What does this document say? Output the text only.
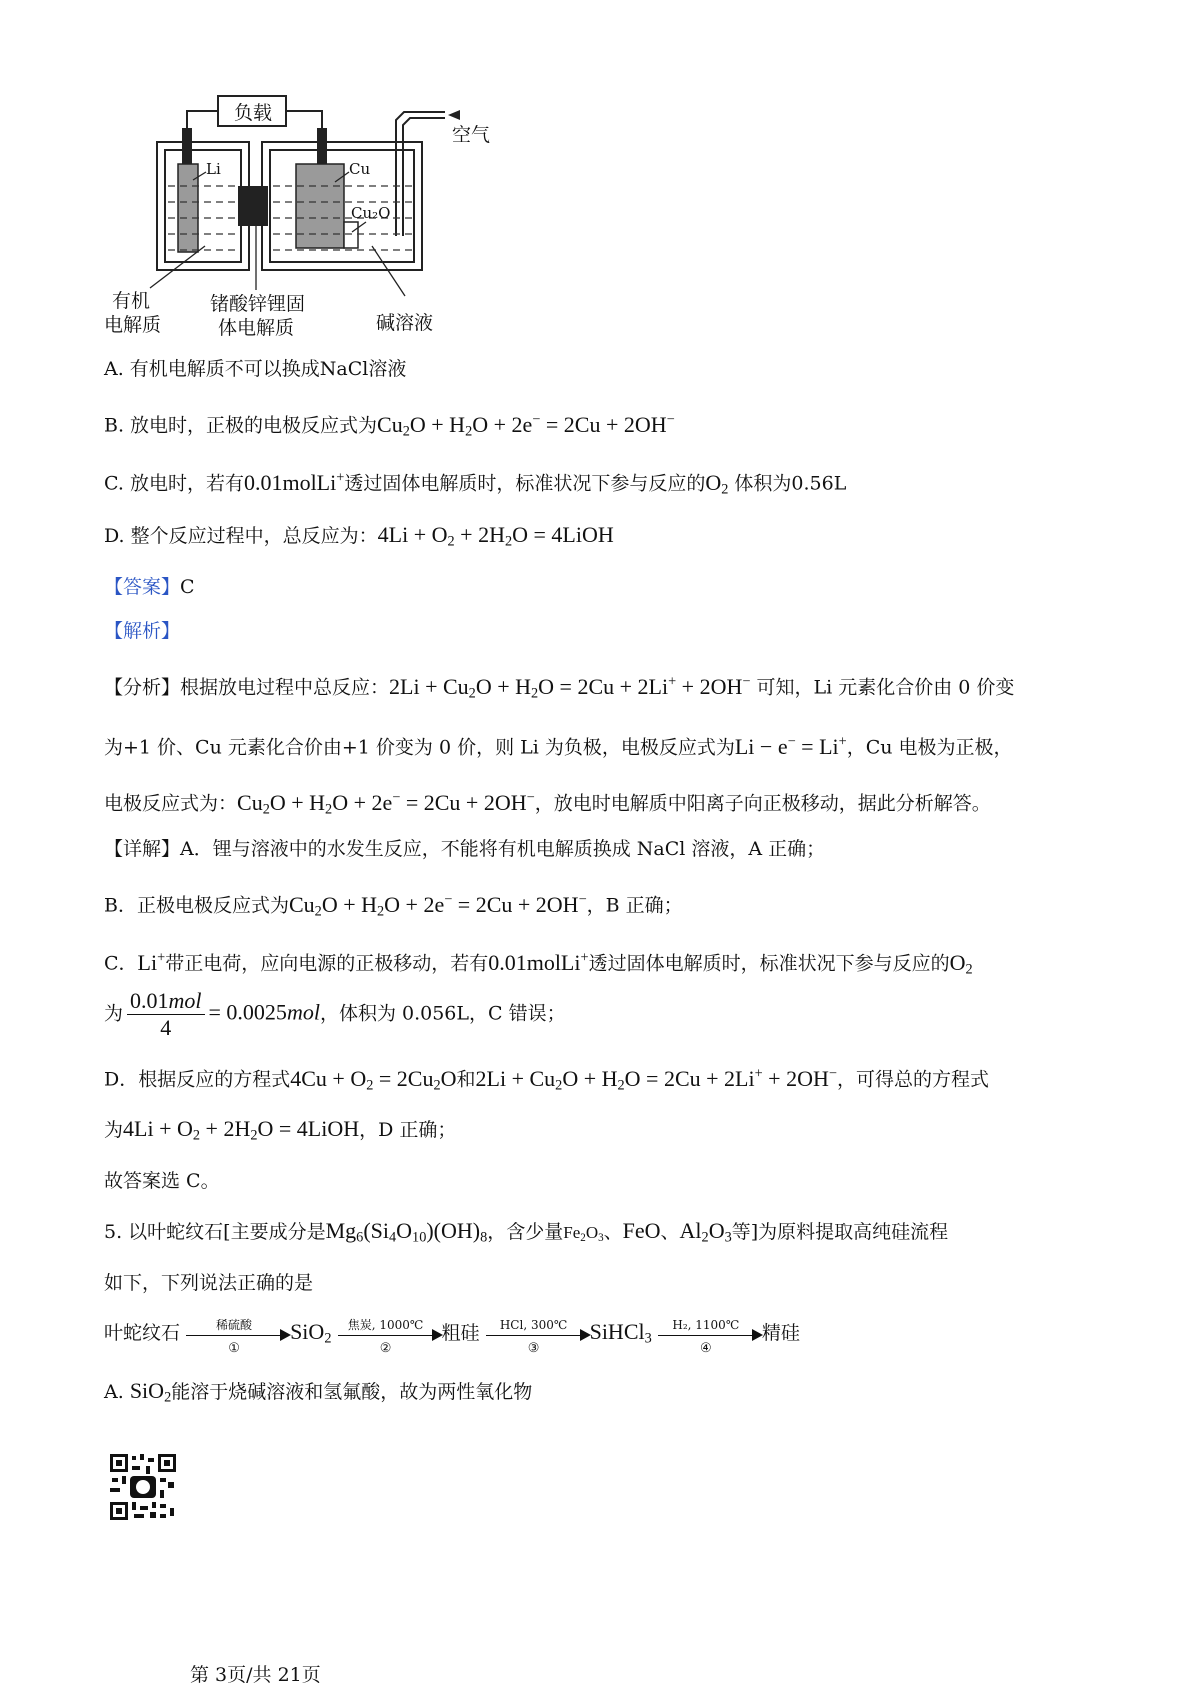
负载
空气
Li	Cu
Cu₂O
有机
电解质
锗酸锌锂固
体电解质	碱溶液
A. 有机电解质不可以换成NaCl溶液
B. 放电时，正极的电极反应式为$Cu_2O + H_2O + 2e^- = 2Cu + 2OH^-$
C. 放电时，若有0.01molLi+透过固体电解质时，标准状况下参与反应的$O_2$ 体积为0.56L
D. 整个反应过程中，总反应为：$4Li + O_2 + 2H_2O$ = 4LiOH
【答案】C
【解析】
【分析】根据放电过程中总反应：$2Li + Cu_2O + H_2O = 2Cu + 2Li^+ + 2OH^-$ 可知，Li 元素化合价由 0 价变
为+1 价、Cu 元素化合价由+1 价变为 0 价，则 Li 为负极，电极反应式为Li − e− = Li+，Cu 电极为正极，
电极反应式为：$Cu_2O + H_2O + 2e^- = 2Cu + 2OH^-$，放电时电解质中阳离子向正极移动，据此分析解答。
【详解】A．锂与溶液中的水发生反应，不能将有机电解质换成 NaCl 溶液，A 正确；
B．正极电极反应式为$Cu_2O + H_2O + 2e^- = 2Cu + 2OH^-$，B 正确；
C．Li+带正电荷，应向电源的正极移动，若有0.01molLi+透过固体电解质时，标准状况下参与反应的$O_2$
为 $\frac{\text{0.01mol}}{4} = 0.0025mol$，体积为 0.056L，C 错误；
D．根据反应的方程式$4Cu + O_2 = 2Cu_2O$和$2Li + Cu_2O + H_2O = 2Cu + 2Li^+ + 2OH^-$，可得总的方程式
为$4Li + O_2 + 2H_2O$ = 4LiOH，D 正确；
故答案选 C。
5. 以叶蛇纹石[主要成分是$Mg_6(Si_4O_{10})(OH)_8$，含少量$Fe_2O_3$、FeO、$Al_2O_3$等]为原料提取高纯硅流程
如下，下列说法正确的是
叶蛇纹石	稀硫酸
①
SiO$_2$
焦炭, 1000℃
②
粗硅	HCl, 300℃
③
SiHCl$_3$
H₂, 1100℃
④
精硅
A. SiO$_2$能溶于烧碱溶液和氢氟酸，故为两性氧化物
第 3页/共 21页
